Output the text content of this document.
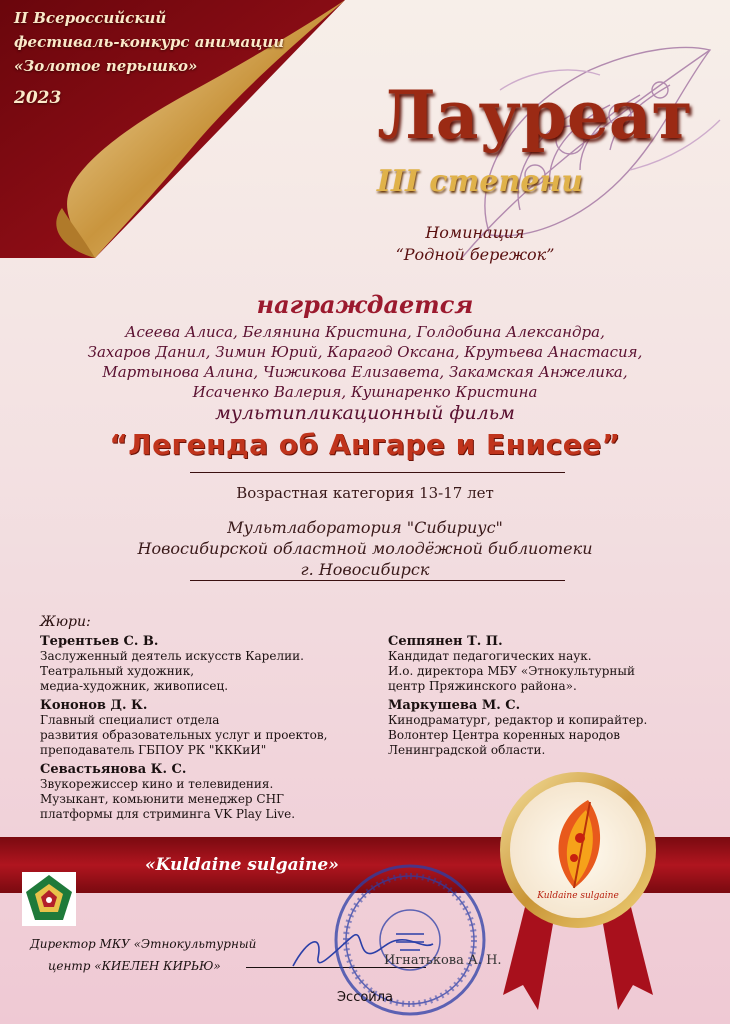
II Всероссийский
фестиваль-конкурс анимации
«Золотое перышко»
2023	Лауреат
III степени
Номинация
“Родной бережок”
награждается
Асеева Алиса, Белянина Кристина, Голдобина Александра,
Захаров Данил, Зимин Юрий, Карагод Оксана, Крутьева Анастасия,
Мартынова Алина, Чижикова Елизавета, Закамская Анжелика,
Исаченко Валерия, Кушнаренко Кристина
мультипликационный фильм
“Легенда об Ангаре и Енисее”
Возрастная категория 13-17 лет
Мультлаборатория "Сибириус"
Новосибирской областной молодёжной библиотеки
г. Новосибирск
Жюри:
Терентьев С. В.
Заслуженный деятель искусств Карелии.
Театральный художник,
медиа-художник, живописец.
Кононов Д. К.
Главный специалист отдела
развития образовательных услуг и проектов,
преподаватель ГБПОУ РК "КККиИ"
Севастьянова К. С.
Звукорежиссер кино и телевидения.
Музыкант, комьюнити менеджер СНГ
платформы для стриминга VK Play Live.
Сеппянен Т. П.
Кандидат педагогических наук.
И.о. директора МБУ «Этнокультурный
центр Пряжинского района».
Маркушева М. С.
Кинодраматург, редактор и копирайтер.
Волонтер Центра коренных народов
Ленинградской области.
«Kuldaine sulgaine»
Директор МКУ «Этнокультурный
центр «КИЕЛЕН КИРЬЮ»	Игнатькова А. Н.
Kuldaine sulgaine
Эссойла
